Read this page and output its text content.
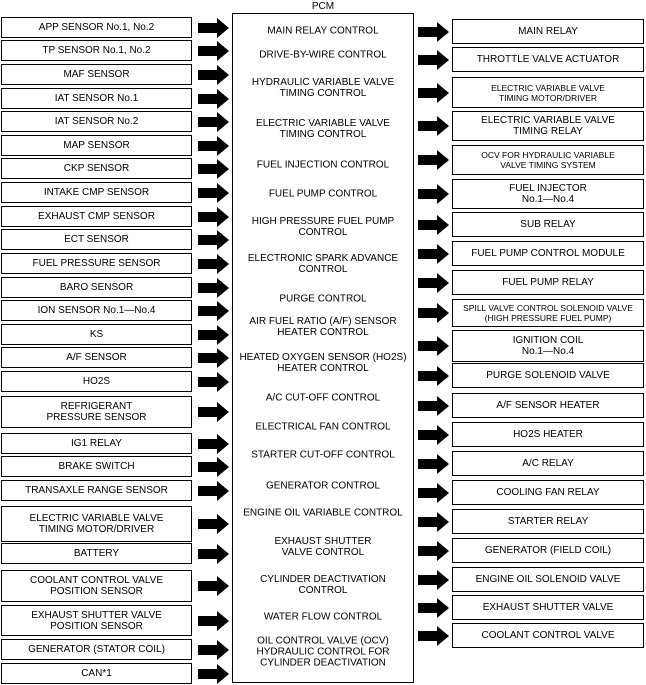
PCM
APP SENSOR No.1, No.2
TP SENSOR No.1, No.2
MAF SENSOR
IAT SENSOR No.1
IAT SENSOR No.2
MAP SENSOR
CKP SENSOR
INTAKE CMP SENSOR
EXHAUST CMP SENSOR
ECT SENSOR
FUEL PRESSURE SENSOR
BARO SENSOR
ION SENSOR No.1—No.4
KS
A/F SENSOR
HO2S
REFRIGERANT
PRESSURE SENSOR
IG1 RELAY
BRAKE SWITCH
TRANSAXLE RANGE SENSOR
ELECTRIC VARIABLE VALVE
TIMING MOTOR/DRIVER
BATTERY
COOLANT CONTROL VALVE
POSITION SENSOR
EXHAUST SHUTTER VALVE
POSITION SENSOR
GENERATOR (STATOR COIL)
CAN*1
MAIN RELAY CONTROL
DRIVE-BY-WIRE CONTROL
HYDRAULIC VARIABLE VALVE
TIMING CONTROL
ELECTRIC VARIABLE VALVE
TIMING CONTROL
FUEL INJECTION CONTROL
FUEL PUMP CONTROL
HIGH PRESSURE FUEL PUMP
CONTROL
ELECTRONIC SPARK ADVANCE
CONTROL
PURGE CONTROL
AIR FUEL RATIO (A/F) SENSOR
HEATER CONTROL
HEATED OXYGEN SENSOR (HO2S)
HEATER CONTROL
A/C CUT-OFF CONTROL
ELECTRICAL FAN CONTROL
STARTER CUT-OFF CONTROL
GENERATOR CONTROL
ENGINE OIL VARIABLE CONTROL
EXHAUST SHUTTER
VALVE CONTROL
CYLINDER DEACTIVATION
CONTROL
WATER FLOW CONTROL
OIL CONTROL VALVE (OCV)
HYDRAULIC CONTROL FOR
CYLINDER DEACTIVATION
MAIN RELAY
THROTTLE VALVE ACTUATOR
ELECTRIC VARIABLE VALVE
TIMING MOTOR/DRIVER
ELECTRIC VARIABLE VALVE
TIMING RELAY
OCV FOR HYDRAULIC VARIABLE
VALVE TIMING SYSTEM
FUEL INJECTOR
No.1—No.4
SUB RELAY
FUEL PUMP CONTROL MODULE
FUEL PUMP RELAY
SPILL VALVE CONTROL SOLENOID VALVE
(HIGH PRESSURE FUEL PUMP)
IGNITION COIL
No.1—No.4
PURGE SOLENOID VALVE
A/F SENSOR HEATER
HO2S HEATER
A/C RELAY
COOLING FAN RELAY
STARTER RELAY
GENERATOR (FIELD COIL)
ENGINE OIL SOLENOID VALVE
EXHAUST SHUTTER VALVE
COOLANT CONTROL VALVE
